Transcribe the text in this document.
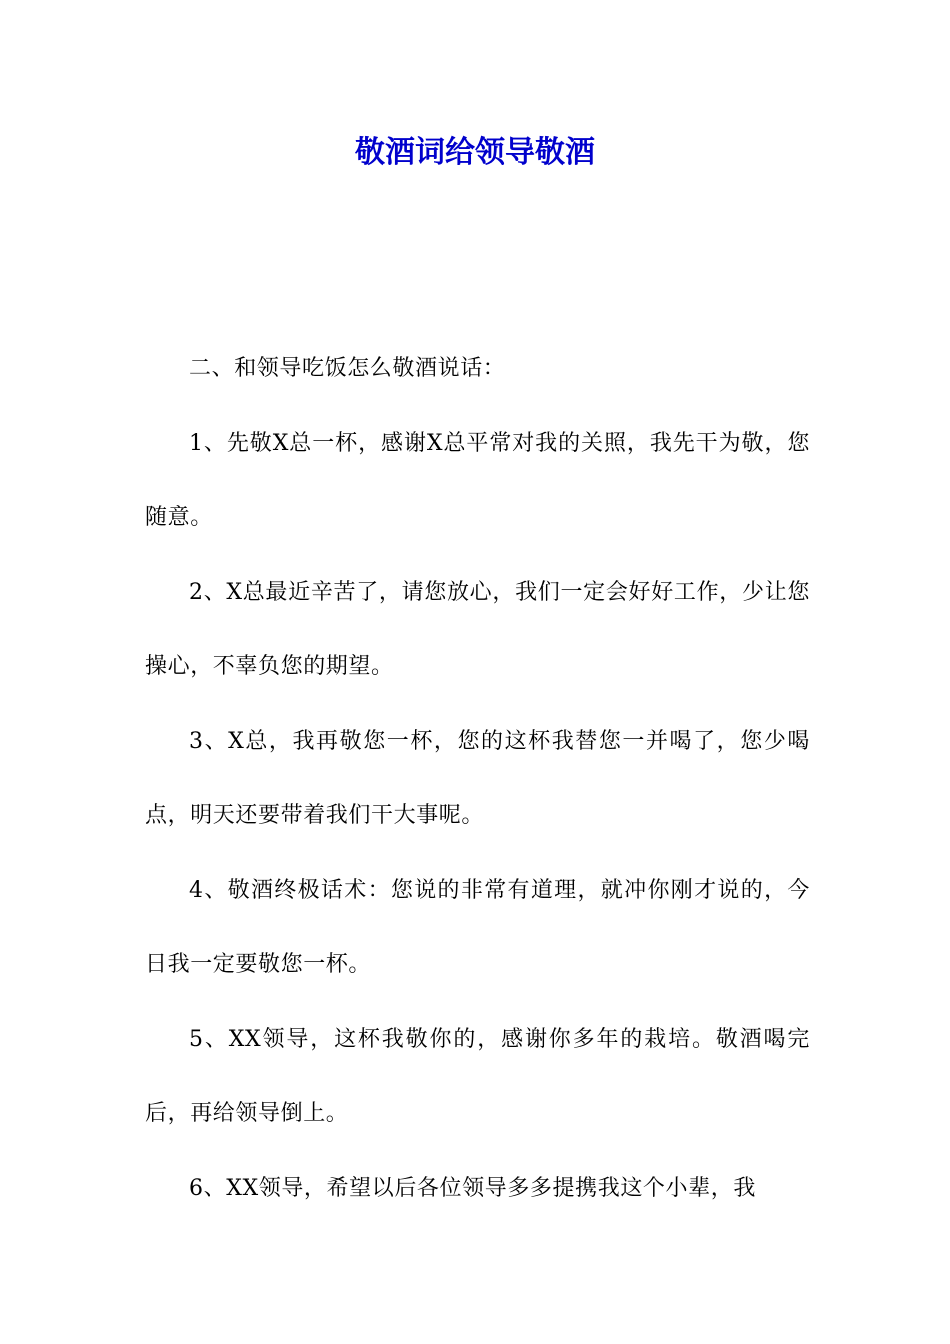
敬酒词给领导敬酒

二、和领导吃饭怎么敬酒说话：

1、先敬X总一杯，感谢X总平常对我的关照，我先干为敬，您随意。

2、X总最近辛苦了，请您放心，我们一定会好好工作，少让您操心，不辜负您的期望。

3、X总，我再敬您一杯，您的这杯我替您一并喝了，您少喝点，明天还要带着我们干大事呢。

4、敬酒终极话术：您说的非常有道理，就冲你刚才说的，今日我一定要敬您一杯。

5、XX领导，这杯我敬你的，感谢你多年的栽培。敬酒喝完后，再给领导倒上。

6、XX领导，希望以后各位领导多多提携我这个小辈，我
